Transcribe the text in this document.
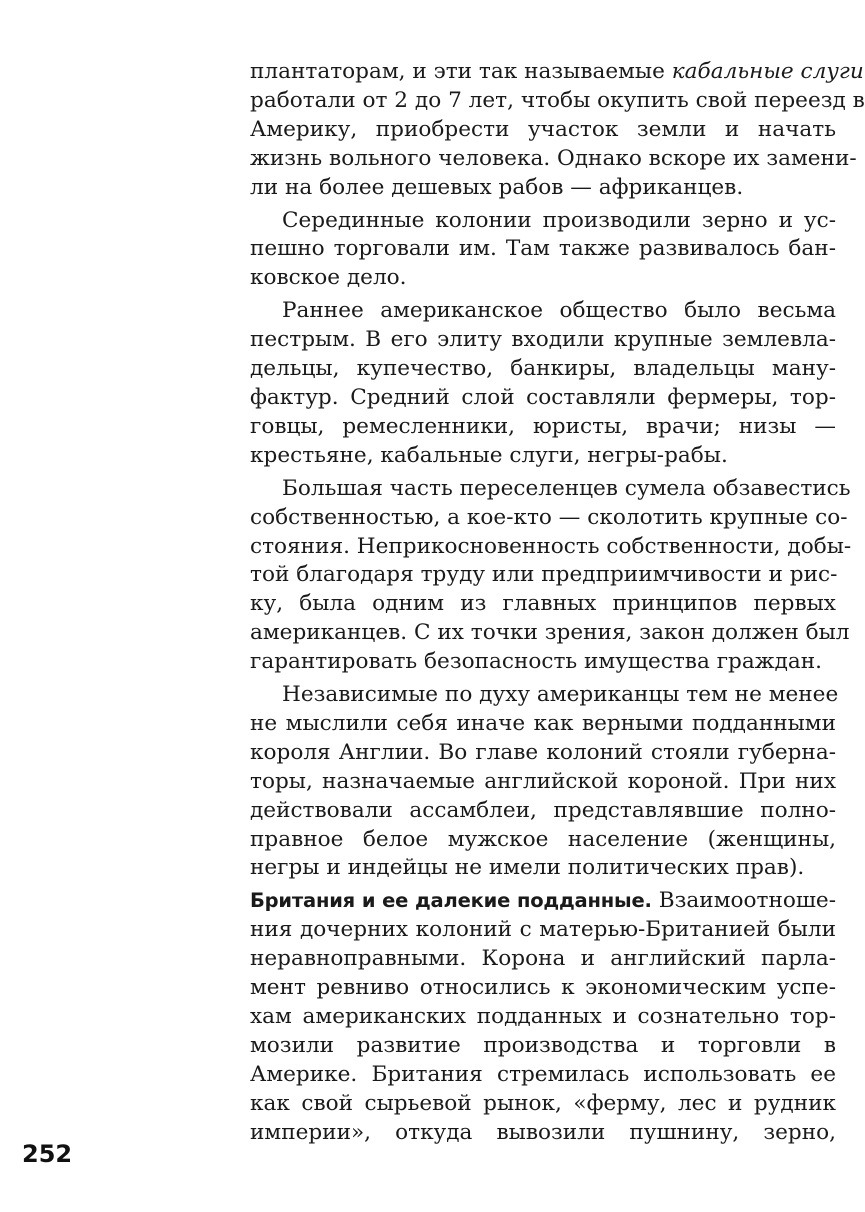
плантаторам, и эти так называемые кабальные слуги
работали от 2 до 7 лет, чтобы окупить свой переезд в
Америку, приобрести участок земли и начать
жизнь вольного человека. Однако вскоре их замени-
ли на более дешевых рабов — африканцев.

Серединные колонии производили зерно и ус-
пешно торговали им. Там также развивалось бан-
ковское дело.

Раннее американское общество было весьма
пестрым. В его элиту входили крупные землевла-
дельцы, купечество, банкиры, владельцы ману-
фактур. Средний слой составляли фермеры, тор-
говцы, ремесленники, юристы, врачи; низы —
крестьяне, кабальные слуги, негры-рабы.

Большая часть переселенцев сумела обзавестись
собственностью, а кое-кто — сколотить крупные со-
стояния. Неприкосновенность собственности, добы-
той благодаря труду или предприимчивости и рис-
ку, была одним из главных принципов первых
американцев. С их точки зрения, закон должен был
гарантировать безопасность имущества граждан.

Независимые по духу американцы тем не менее
не мыслили себя иначе как верными подданными
короля Англии. Во главе колоний стояли губерна-
торы, назначаемые английской короной. При них
действовали ассамблеи, представлявшие полно-
правное белое мужское население (женщины,
негры и индейцы не имели политических прав).

Британия и ее далекие подданные. Взаимоотноше-
ния дочерних колоний с матерью-Британией были
неравноправными. Корона и английский парла-
мент ревниво относились к экономическим успе-
хам американских подданных и сознательно тор-
мозили развитие производства и торговли в
Америке. Британия стремилась использовать ее
как свой сырьевой рынок, «ферму, лес и рудник
империи», откуда вывозили пушнину, зерно,

252
